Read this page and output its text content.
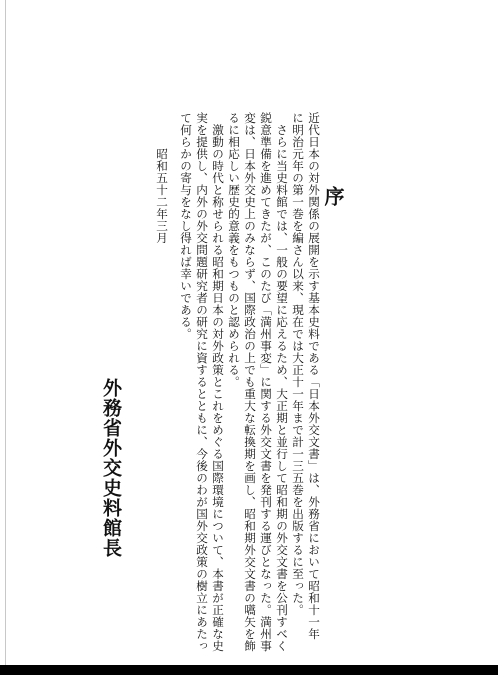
序
近代日本の対外関係の展開を示す基本史料である「日本外交文書」は、外務省において昭和十一年
に明治元年の第一巻を編さん以来、現在では大正十一年まで計一三五巻を出版するに至った。
さらに当史料館では、一般の要望に応えるため、大正期と並行して昭和期の外交文書を公刊すべく
鋭意準備を進めてきたが、このたび「満州事変」に関する外交文書を発刊する運びとなった。満州事
変は、日本外交史上のみならず、国際政治の上でも重大な転換期を画し、昭和期外交文書の嚆矢を飾
るに相応しい歴史的意義をもつものと認められる。
激動の時代と称せられる昭和期日本の対外政策とこれをめぐる国際環境について、本書が正確な史
実を提供し、内外の外交問題研究者の研究に資するとともに、今後のわが国外交政策の樹立にあたっ
て何らかの寄与をなし得れば幸いである。
昭和五十二年三月
外務省外交史料館長
